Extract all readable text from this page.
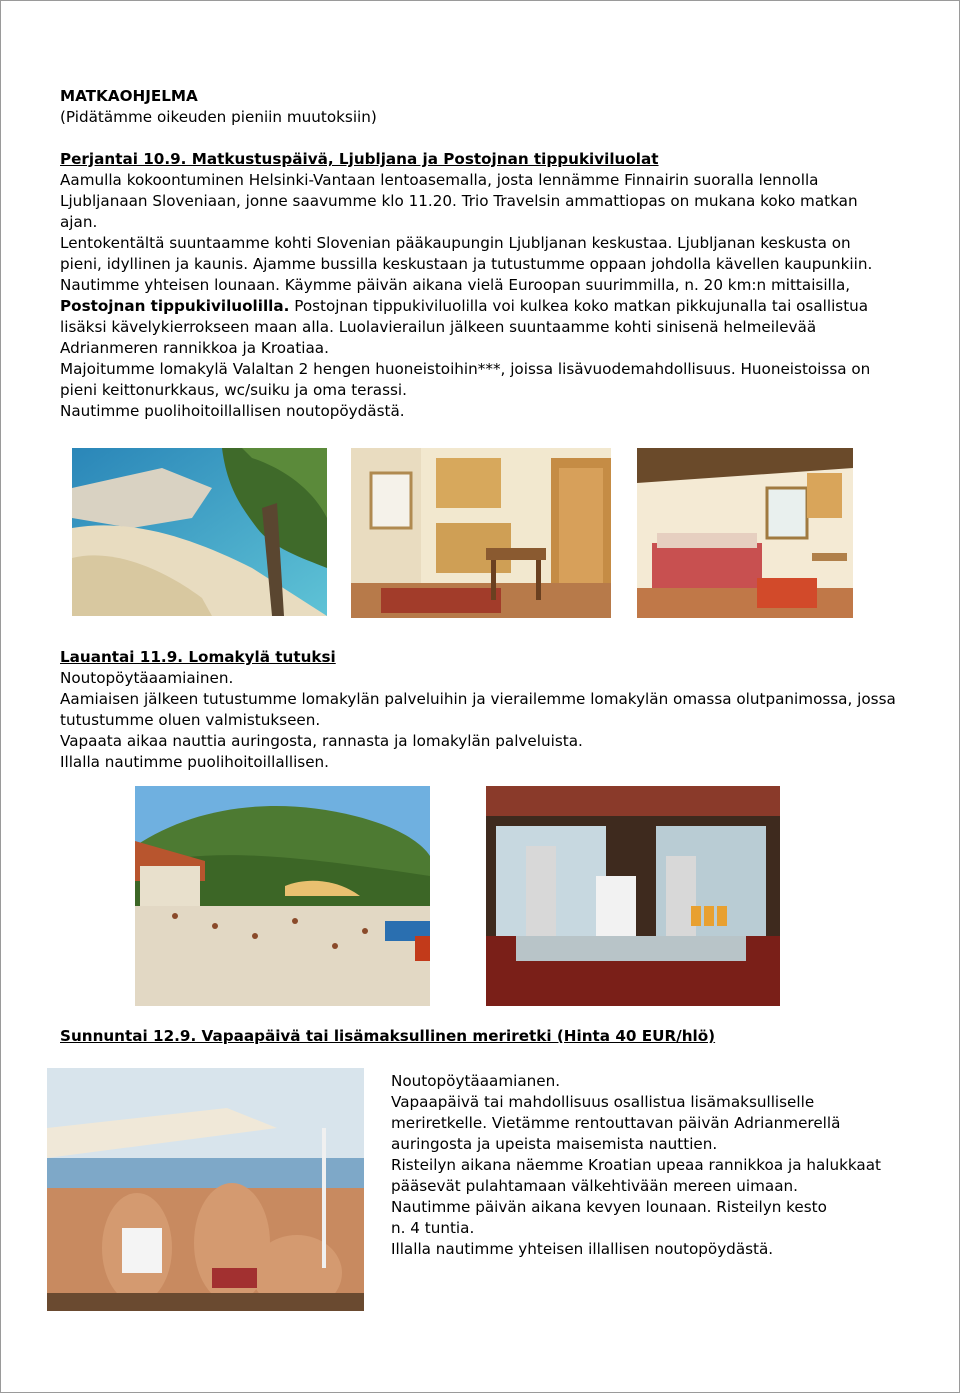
MATKAOHJELMA

(Pidätämme oikeuden pieniin muutoksiin)

Perjantai 10.9. Matkustuspäivä, Ljubljana ja Postojnan tippukiviluolat

Aamulla kokoontuminen Helsinki-Vantaan lentoasemalla, josta lennämme Finnairin suoralla lennolla

Ljubljanaan Sloveniaan, jonne saavumme klo 11.20. Trio Travelsin ammattiopas on mukana koko matkan

ajan.

Lentokentältä suuntaamme kohti Slovenian pääkaupungin Ljubljanan keskustaa. Ljubljanan keskusta on

pieni, idyllinen ja kaunis. Ajamme bussilla keskustaan ja tutustumme oppaan johdolla kävellen kaupunkiin.

Nautimme yhteisen lounaan. Käymme päivän aikana vielä Euroopan suurimmilla, n. 20 km:n mittaisilla,

Postojnan tippukiviluolilla. Postojnan tippukiviluolilla voi kulkea koko matkan pikkujunalla tai osallistua

lisäksi kävelykierrokseen maan alla. Luolavierailun jälkeen suuntaamme kohti sinisenä helmeilevää

Adrianmeren rannikkoa ja Kroatiaa.

Majoitumme lomakylä Valaltan 2 hengen huoneistoihin***, joissa lisävuodemahdollisuus. Huoneistoissa on

pieni keittonurkkaus, wc/suiku ja oma terassi.

Nautimme puolihoitoillallisen noutopöydästä.

Lauantai 11.9. Lomakylä tutuksi

Noutopöytäaamiainen.

Aamiaisen jälkeen tutustumme lomakylän palveluihin ja vierailemme lomakylän omassa olutpanimossa, jossa

tutustumme oluen valmistukseen.

Vapaata aikaa nauttia auringosta, rannasta ja lomakylän palveluista.

Illalla nautimme puolihoitoillallisen.

Sunnuntai 12.9. Vapaapäivä tai lisämaksullinen meriretki (Hinta 40 EUR/hlö)

Noutopöytäaamianen.

Vapaapäivä tai mahdollisuus osallistua lisämaksulliselle

meriretkelle. Vietämme rentouttavan päivän Adrianmerellä

auringosta ja upeista maisemista nauttien.

Risteilyn aikana näemme Kroatian upeaa rannikkoa ja halukkaat

pääsevät pulahtamaan välkehtivään mereen uimaan.

Nautimme päivän aikana kevyen lounaan. Risteilyn kesto

n. 4 tuntia.

Illalla nautimme yhteisen illallisen noutopöydästä.
